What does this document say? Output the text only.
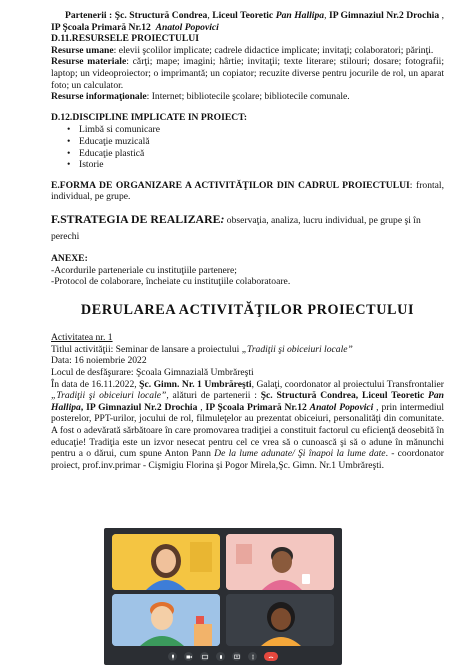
Partenerii : Şc. Structură Condrea, Liceul Teoretic Pan Hallipa, IP Gimnaziul Nr.2 Drochia , IP Şcoala Primară Nr.12 Anatol Popovici

D.11.RESURSELE PROIECTULUI

Resurse umane: elevii şcolilor implicate; cadrele didactice implicate; invitaţi; colaboratori; părinţi.

Resurse materiale: cărţi; mape; imagini; hârtie; invitaţii; texte literare; stilouri; dosare; fotografii; laptop; un videoproiector; o imprimantă; un copiator; recuzite diverse pentru jocurile de rol, un aparat foto; un calculator.

Resurse informaţionale: Internet; bibliotecile şcolare; bibliotecile comunale.

D.12.DISCIPLINE IMPLICATE IN PROIECT:

• Limbă si comunicare
• Educaţie muzicală
• Educaţie plastică
• Istorie

E.FORMA DE ORGANIZARE A ACTIVITĂŢILOR DIN CADRUL PROIECTULUI: frontal, individual, pe grupe.

F.STRATEGIA DE REALIZARE: observaţia, analiza, lucru individual, pe grupe şi în perechi

ANEXE:

-Acordurile parteneriale cu instituţiile partenere;

-Protocol de colaborare, încheiate cu instituţiile colaboratoare.

DERULAREA ACTIVITĂŢILOR PROIECTULUI

Activitatea nr. 1

Titlul activităţii: Seminar de lansare a proiectului „Tradiţii şi obiceiuri locale”

Data: 16 noiembrie 2022

Locul de desfăşurare: Şcoala Gimnazială Umbrăreşti

În data de 16.11.2022, Şc. Gimn. Nr. 1 Umbrăreşti, Galaţi, coordonator al proiectului Transfrontalier „Tradiţii şi obiceiuri locale”, alături de partenerii : Şc. Structură Condrea, Liceul Teoretic Pan Hallipa, IP Gimnaziul Nr.2 Drochia , IP Şcoala Primară Nr.12 Anatol Popovici , prin intermediul posterelor, PPT-urilor, jocului de rol, filmuleţelor au prezentat obiceiuri, personalităţi din comunitate. A fost o adevărată sărbătoare în care promovarea tradiţiei a constituit factorul cu eficienţă deosebită în educaţie! Tradiţia este un izvor nesecat pentru cel ce vrea să o cunoască şi să o adune în mănunchi pentru a o dărui, cum spune Anton Pann De la lume adunate/ Şi înapoi la lume date. - coordonator proiect, prof.inv.primar - Cişmigiu Florina şi Pogor Mirela,Şc. Gimn. Nr.1 Umbrăreşti.
